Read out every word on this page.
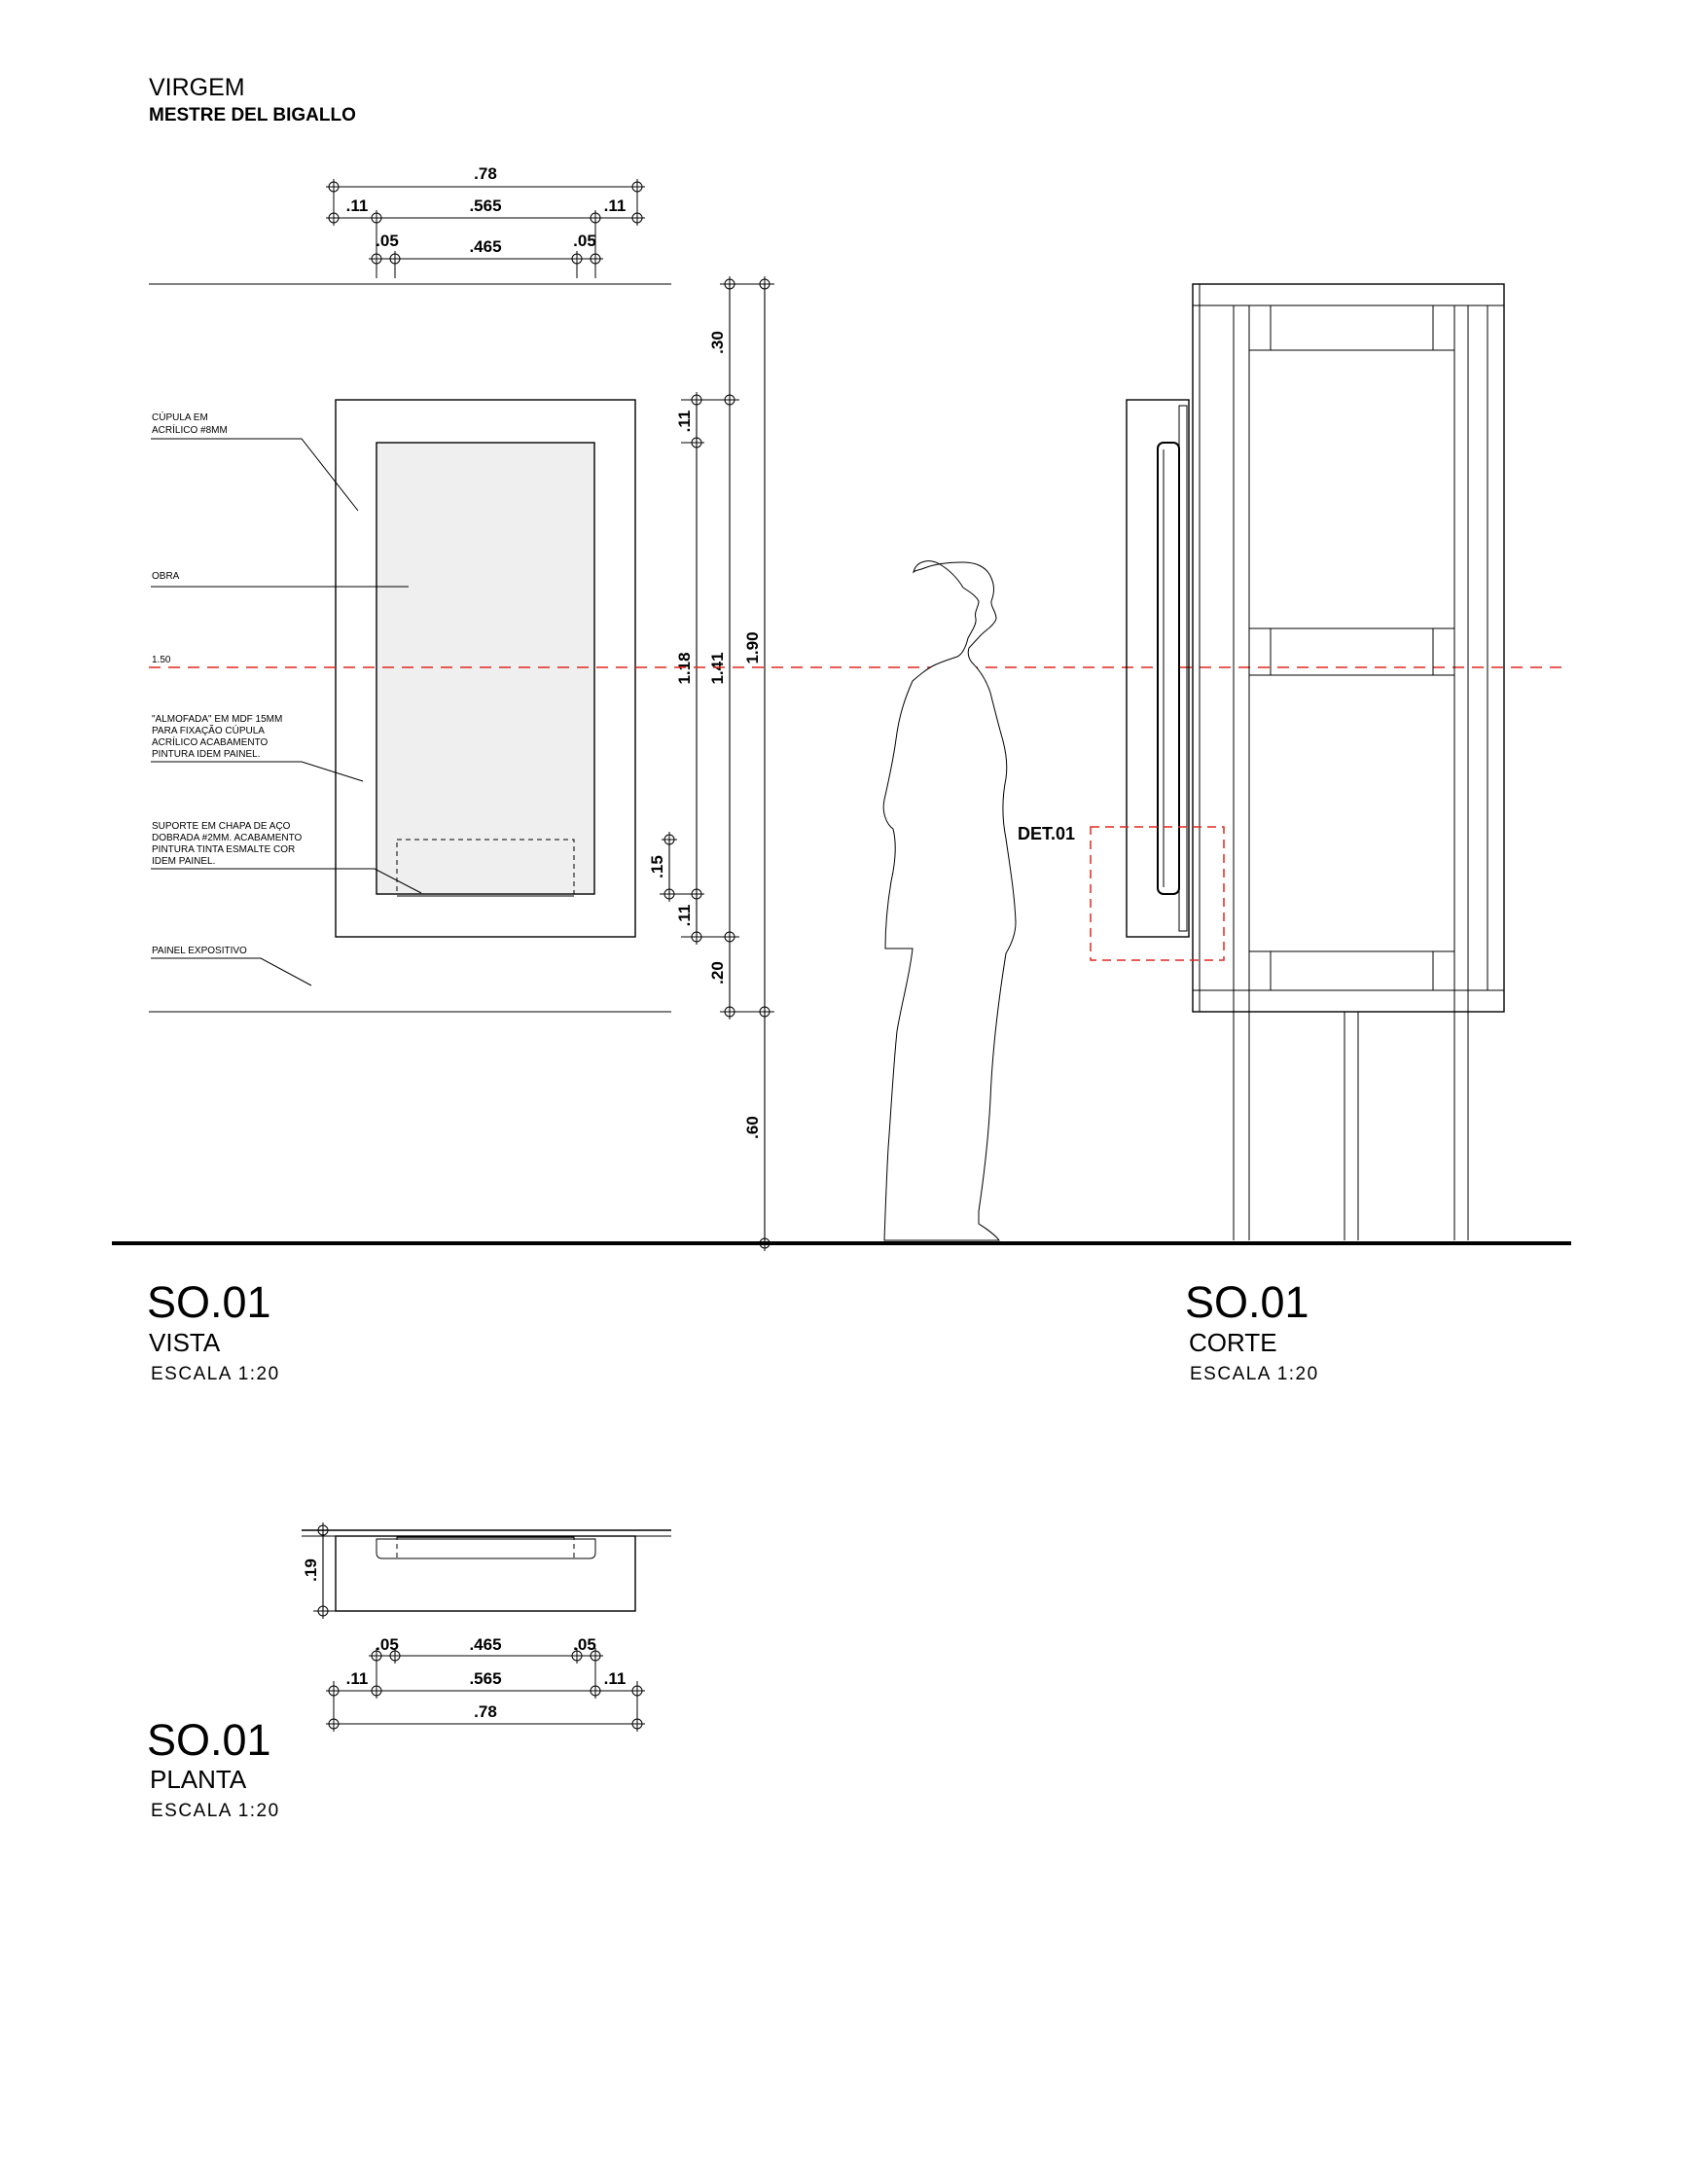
VIRGEM
MESTRE DEL BIGALLO
.78
.11	.565	.11
.05	.465	.05
CÚPULA EM
ACRÍLICO #8MM
OBRA
1.50
"ALMOFADA" EM MDF 15MM
PARA FIXAÇÃO CÚPULA
ACRÍLICO ACABAMENTO
PINTURA IDEM PAINEL.
SUPORTE EM CHAPA DE AÇO
DOBRADA #2MM. ACABAMENTO
PINTURA TINTA ESMALTE COR
IDEM PAINEL.
PAINEL EXPOSITIVO
.30
.11
1.18
.15
.11
.20
1.41
1.90
.60
DET.01
SO.01
VISTA
ESCALA 1:20
SO.01
CORTE
ESCALA 1:20
.19
.05	.465	.05
.11	.565	.11
.78
SO.01
PLANTA
ESCALA 1:20
